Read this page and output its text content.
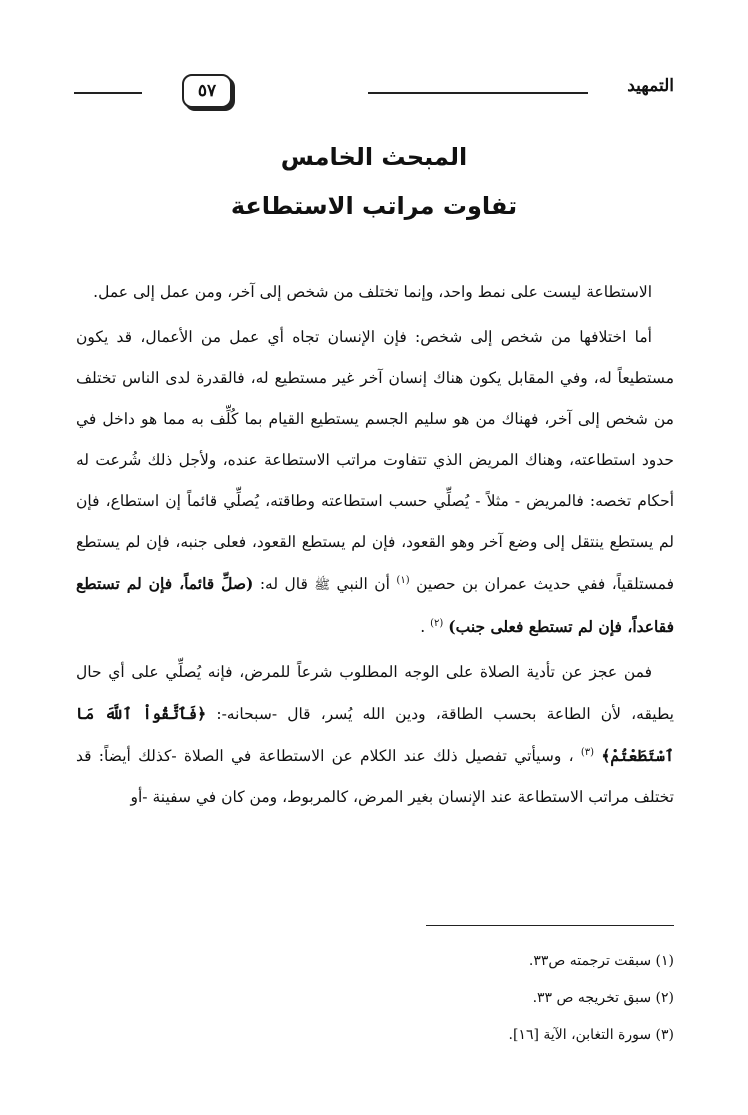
التمهيد
٥٧
المبحث الخامس
تفاوت مراتب الاستطاعة

الاستطاعة ليست على نمط واحد، وإنما تختلف من شخص إلى آخر، ومن عمل إلى عمل.

أما اختلافها من شخص إلى شخص: فإن الإنسان تجاه أي عمل من الأعمال، قد يكون مستطيعاً له، وفي المقابل يكون هناك إنسان آخر غير مستطيع له، فالقدرة لدى الناس تختلف من شخص إلى آخر، فهناك من هو سليم الجسم يستطيع القيام بما كُلِّف به مما هو داخل في حدود استطاعته، وهناك المريض الذي تتفاوت مراتب الاستطاعة عنده، ولأجل ذلك شُرعت له أحكام تخصه: فالمريض - مثلاً - يُصلِّي حسب استطاعته وطاقته، يُصلِّي قائماً إن استطاع، فإن لم يستطع ينتقل إلى وضع آخر وهو القعود، فإن لم يستطع القعود، فعلى جنبه، فإن لم يستطع فمستلقياً، ففي حديث عمران بن حصين $^{(١)}$ أن النبي ﷺ قال له: (صلِّ قائماً، فإن لم تستطع فقاعداً، فإن لم تستطع فعلى جنب) $^{(٢)}$ .

فمن عجز عن تأدية الصلاة على الوجه المطلوب شرعاً للمرض، فإنه يُصلِّي على أي حال يطيقه، لأن الطاعة بحسب الطاقة، ودين الله يُسر، قال -سبحانه-: ﴿فَٱتَّقُواْ ٱللَّهَ مَا ٱسْتَطَعْتُمْ﴾ $^{(٣)}$ ، وسيأتي تفصيل ذلك عند الكلام عن الاستطاعة في الصلاة -كذلك أيضاً: قد تختلف مراتب الاستطاعة عند الإنسان بغير المرض، كالمربوط، ومن كان في سفينة -أو

(١) سبقت ترجمته ص٣٣.

(٢) سبق تخريجه ص ٣٣.

(٣) سورة التغابن، الآية [١٦].
